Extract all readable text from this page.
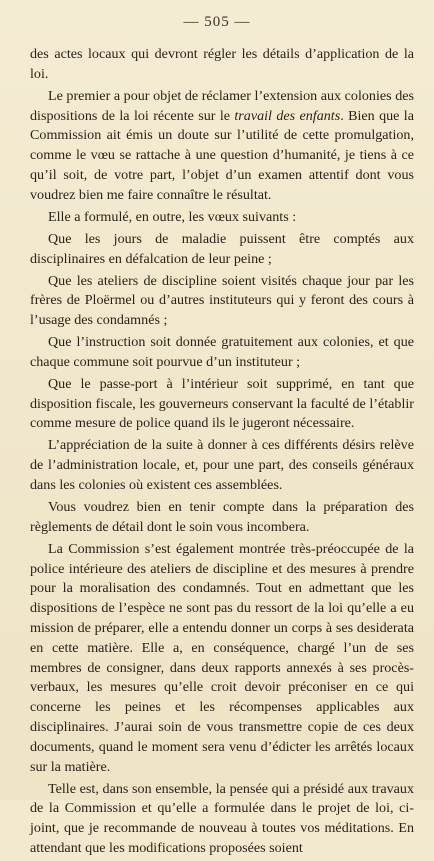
— 505 —

des actes locaux qui devront régler les détails d’application de la loi.

Le premier a pour objet de réclamer l’extension aux colonies des dispositions de la loi récente sur le travail des enfants. Bien que la Commission ait émis un doute sur l’utilité de cette promulgation, comme le vœu se rattache à une question d’humanité, je tiens à ce qu’il soit, de votre part, l’objet d’un examen attentif dont vous voudrez bien me faire connaître le résultat.

Elle a formulé, en outre, les vœux suivants :

Que les jours de maladie puissent être comptés aux disciplinaires en défalcation de leur peine ;

Que les ateliers de discipline soient visités chaque jour par les frères de Ploërmel ou d’autres instituteurs qui y feront des cours à l’usage des condamnés ;

Que l’instruction soit donnée gratuitement aux colonies, et que chaque commune soit pourvue d’un instituteur ;

Que le passe-port à l’intérieur soit supprimé, en tant que disposition fiscale, les gouverneurs conservant la faculté de l’établir comme mesure de police quand ils le jugeront nécessaire.

L’appréciation de la suite à donner à ces différents désirs relève de l’administration locale, et, pour une part, des conseils généraux dans les colonies où existent ces assemblées.

Vous voudrez bien en tenir compte dans la préparation des règlements de détail dont le soin vous incombera.

La Commission s’est également montrée très-préoccupée de la police intérieure des ateliers de discipline et des mesures à prendre pour la moralisation des condamnés. Tout en admettant que les dispositions de l’espèce ne sont pas du ressort de la loi qu’elle a eu mission de préparer, elle a entendu donner un corps à ses desiderata en cette matière. Elle a, en conséquence, chargé l’un de ses membres de consigner, dans deux rapports annexés à ses procès-verbaux, les mesures qu’elle croit devoir préconiser en ce qui concerne les peines et les récompenses applicables aux disciplinaires. J’aurai soin de vous transmettre copie de ces deux documents, quand le moment sera venu d’édicter les arrêtés locaux sur la matière.

Telle est, dans son ensemble, la pensée qui a présidé aux travaux de la Commission et qu’elle a formulée dans le projet de loi, ci-joint, que je recommande de nouveau à toutes vos méditations. En attendant que les modifications proposées soient
